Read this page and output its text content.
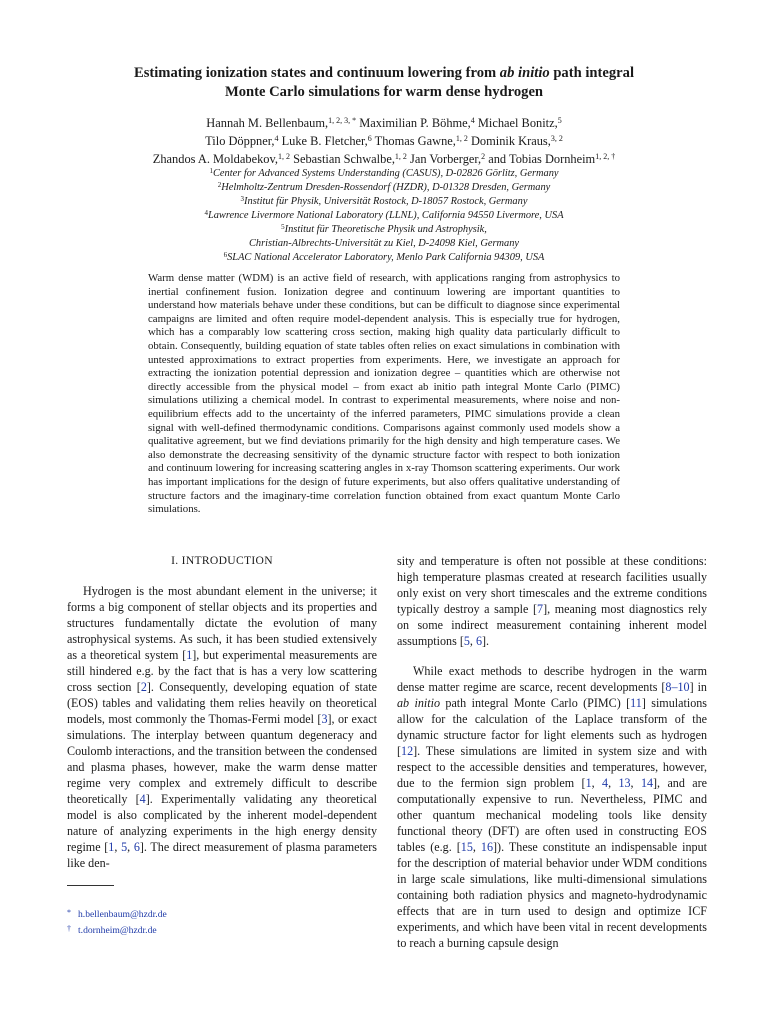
Estimating ionization states and continuum lowering from ab initio path integral
Monte Carlo simulations for warm dense hydrogen
Hannah M. Bellenbaum,$^{1, 2, 3, *}$ Maximilian P. Böhme,$^4$ Michael Bonitz,$^5$
Tilo Döppner,$^4$ Luke B. Fletcher,$^6$ Thomas Gawne,$^{1, 2}$ Dominik Kraus,$^{3, 2}$
Zhandos A. Moldabekov,$^{1, 2}$ Sebastian Schwalbe,$^{1, 2}$ Jan Vorberger,$^2$ and Tobias Dornheim$^{1, 2, \dagger}$
$^1$Center for Advanced Systems Understanding (CASUS), D-02826 Görlitz, Germany
$^2$Helmholtz-Zentrum Dresden-Rossendorf (HZDR), D-01328 Dresden, Germany
$^3$Institut für Physik, Universität Rostock, D-18057 Rostock, Germany
$^4$Lawrence Livermore National Laboratory (LLNL), California 94550 Livermore, USA
$^5$Institut für Theoretische Physik und Astrophysik,
Christian-Albrechts-Universität zu Kiel, D-24098 Kiel, Germany
$^6$SLAC National Accelerator Laboratory, Menlo Park California 94309, USA
Warm dense matter (WDM) is an active field of research, with applications ranging from astrophysics to inertial confinement fusion. Ionization degree and continuum lowering are important quantities to understand how materials behave under these conditions, but can be difficult to diagnose since experimental campaigns are limited and often require model-dependent analysis. This is especially true for hydrogen, which has a comparably low scattering cross section, making high quality data particularly difficult to obtain. Consequently, building equation of state tables often relies on exact simulations in combination with untested approximations to extract properties from experiments. Here, we investigate an approach for extracting the ionization potential depression and ionization degree – quantities which are otherwise not directly accessible from the physical model – from exact ab initio path integral Monte Carlo (PIMC) simulations utilizing a chemical model. In contrast to experimental measurements, where noise and non-equilibrium effects add to the uncertainty of the inferred parameters, PIMC simulations provide a clean signal with well-defined thermodynamic conditions. Comparisons against commonly used models show a qualitative agreement, but we find deviations primarily for the high density and high temperature cases. We also demonstrate the decreasing sensitivity of the dynamic structure factor with respect to both ionization and continuum lowering for increasing scattering angles in x-ray Thomson scattering experiments. Our work has important implications for the design of future experiments, but also offers qualitative understanding of structure factors and the imaginary-time correlation function obtained from exact quantum Monte Carlo simulations.
I. INTRODUCTION

Hydrogen is the most abundant element in the universe; it forms a big component of stellar objects and its properties and structures fundamentally dictate the evolution of many astrophysical systems. As such, it has been studied extensively as a theoretical system [1], but experimental measurements are still hindered e.g. by the fact that is has a very low scattering cross section [2]. Consequently, developing equation of state (EOS) tables and validating them relies heavily on theoretical models, most commonly the Thomas-Fermi model [3], or exact simulations. The interplay between quantum degeneracy and Coulomb interactions, and the transition between the condensed and plasma phases, however, make the warm dense matter regime very complex and extremely difficult to describe theoretically [4]. Experimentally validating any theoretical model is also complicated by the inherent model-dependent nature of analyzing experiments in the high energy density regime [1, 5, 6]. The direct measurement of plasma parameters like den-

sity and temperature is often not possible at these conditions: high temperature plasmas created at research facilities usually only exist on very short timescales and the extreme conditions typically destroy a sample [7], meaning most diagnostics rely on some indirect measurement containing inherent model assumptions [5, 6].

While exact methods to describe hydrogen in the warm dense matter regime are scarce, recent developments [8–10] in ab initio path integral Monte Carlo (PIMC) [11] simulations allow for the calculation of the Laplace transform of the dynamic structure factor for light elements such as hydrogen [12]. These simulations are limited in system size and with respect to the accessible densities and temperatures, however, due to the fermion sign problem [1, 4, 13, 14], and are computationally expensive to run. Nevertheless, PIMC and other quantum mechanical modeling tools like density functional theory (DFT) are often used in constructing EOS tables (e.g. [15, 16]). These constitute an indispensable input for the description of material behavior under WDM conditions in large scale simulations, like multi-dimensional simulations containing both radiation physics and magneto-hydrodynamic effects that are in turn used to design and optimize ICF experiments, and which have been vital in recent developments to reach a burning capsule design

* h.bellenbaum@hzdr.de
† t.dornheim@hzdr.de
